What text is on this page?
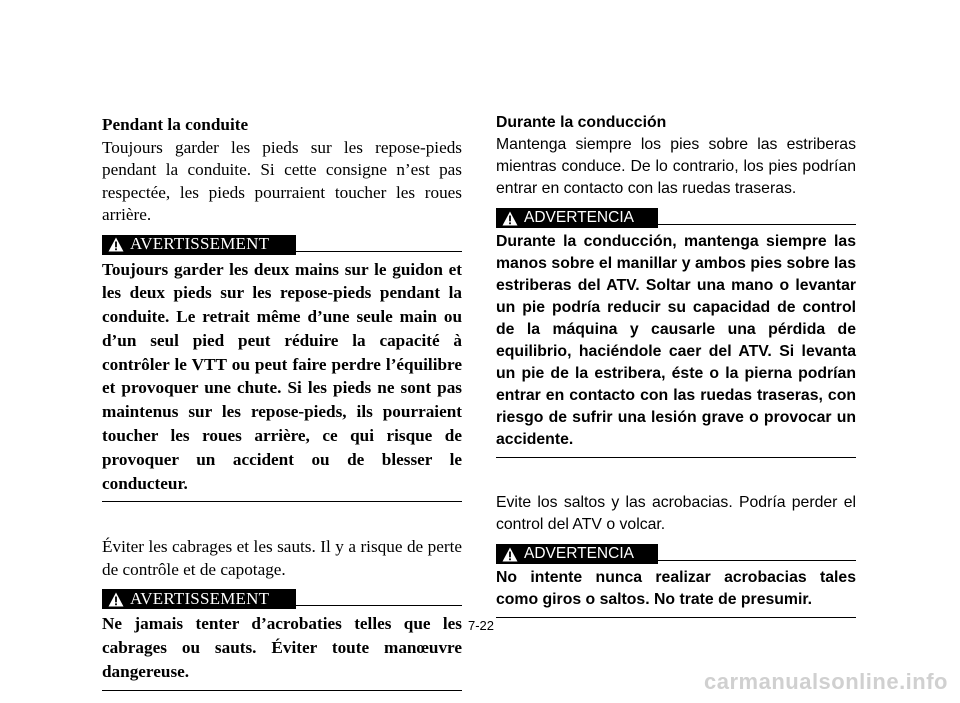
Pendant la conduite
Toujours garder les pieds sur les repose-pieds pendant la conduite. Si cette consigne n’est pas respectée, les pieds pourraient toucher les roues arrière.
AVERTISSEMENT
Toujours garder les deux mains sur le guidon et les deux pieds sur les repose-pieds pendant la conduite. Le retrait même d’une seule main ou d’un seul pied peut réduire la capacité à contrôler le VTT ou peut faire perdre l’équilibre et provoquer une chute. Si les pieds ne sont pas maintenus sur les repose-pieds, ils pourraient toucher les roues arrière, ce qui risque de provoquer un accident ou de blesser le conducteur.
Éviter les cabrages et les sauts. Il y a risque de perte de contrôle et de capotage.
AVERTISSEMENT
Ne jamais tenter d’acrobaties telles que les cabrages ou sauts. Éviter toute manœuvre dangereuse.
Durante la conducción
Mantenga siempre los pies sobre las estriberas mientras conduce. De lo contrario, los pies podrían entrar en contacto con las ruedas traseras.
ADVERTENCIA
Durante la conducción, mantenga siempre las manos sobre el manillar y ambos pies sobre las estriberas del ATV. Soltar una mano o levantar un pie podría reducir su capacidad de control de la máquina y causarle una pérdida de equilibrio, haciéndole caer del ATV. Si levanta un pie de la estribera, éste o la pierna podrían entrar en contacto con las ruedas traseras, con riesgo de sufrir una lesión grave o provocar un accidente.
Evite los saltos y las acrobacias. Podría perder el control del ATV o volcar.
ADVERTENCIA
No intente nunca realizar acrobacias tales como giros o saltos. No trate de presumir.
7-22
carmanualsonline.info
